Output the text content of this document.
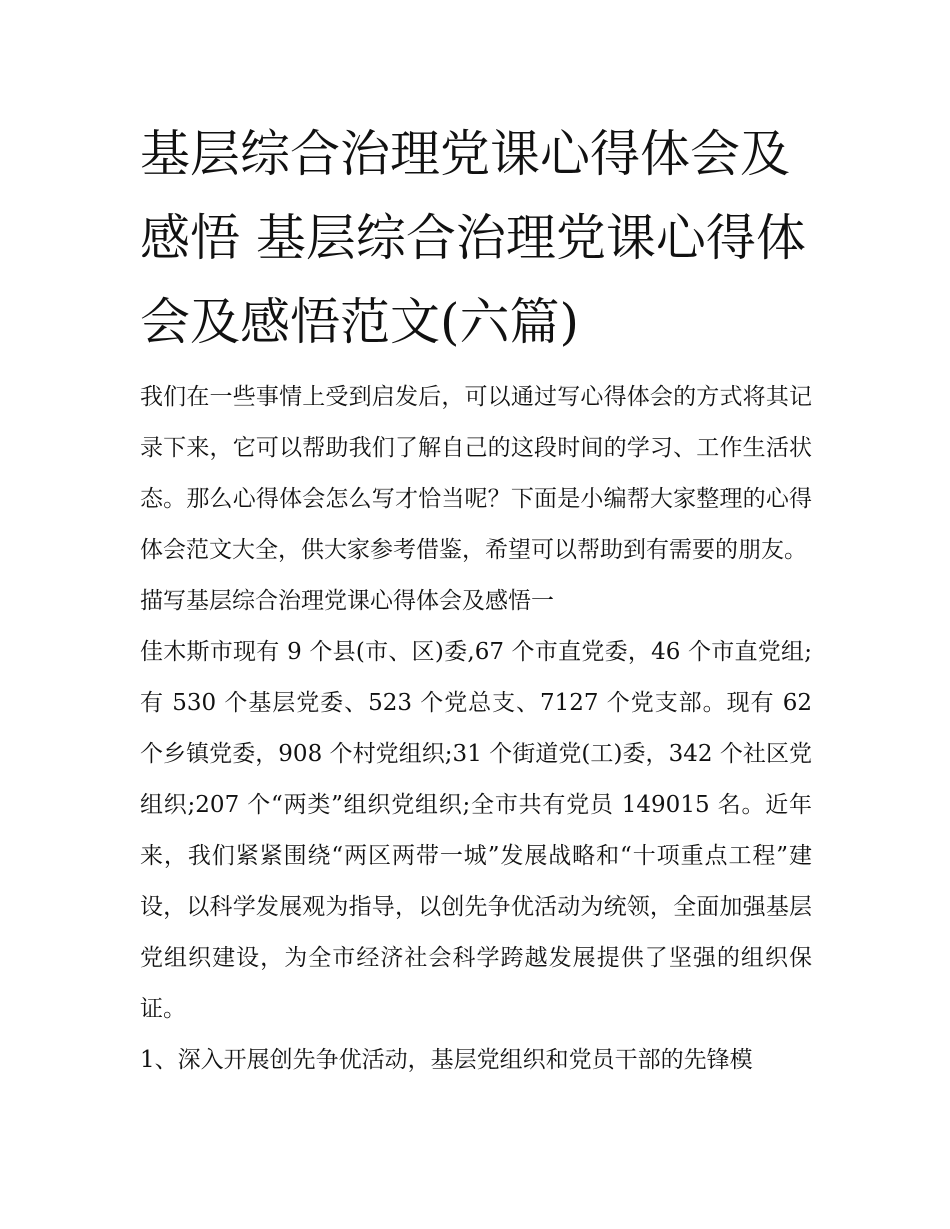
基层综合治理党课心得体会及感悟 基层综合治理党课心得体会及感悟范文(六篇)

我们在一些事情上受到启发后，可以通过写心得体会的方式将其记录下来，它可以帮助我们了解自己的这段时间的学习、工作生活状态。那么心得体会怎么写才恰当呢？下面是小编帮大家整理的心得体会范文大全，供大家参考借鉴，希望可以帮助到有需要的朋友。

描写基层综合治理党课心得体会及感悟一

佳木斯市现有 9 个县(市、区)委,67 个市直党委，46 个市直党组;有 530 个基层党委、523 个党总支、7127 个党支部。现有 62 个乡镇党委，908 个村党组织;31 个街道党(工)委，342 个社区党组织;207 个“两类”组织党组织;全市共有党员 149015 名。近年来，我们紧紧围绕“两区两带一城”发展战略和“十项重点工程”建设，以科学发展观为指导，以创先争优活动为统领，全面加强基层党组织建设，为全市经济社会科学跨越发展提供了坚强的组织保证。

1、深入开展创先争优活动，基层党组织和党员干部的先锋模
